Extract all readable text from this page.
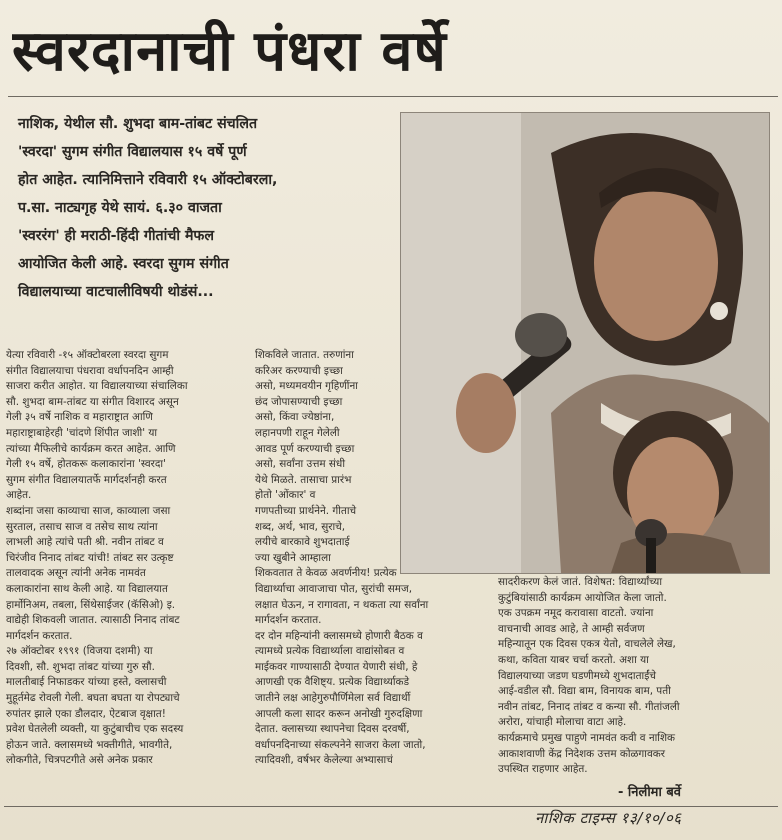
स्वरदानाची पंधरा वर्षे

नाशिक, येथील सौ. शुभदा बाम-तांबट संचलित

'स्वरदा' सुगम संगीत विद्यालयास १५ वर्षे पूर्ण

होत आहेत. त्यानिमित्ताने रविवारी १५ ऑक्टोबरला,

प.सा. नाट्यगृह येथे सायं. ६.३० वाजता

'स्वररंग' ही मराठी-हिंदी गीतांची मैफल

आयोजित केली आहे. स्वरदा सुगम संगीत

विद्यालयाच्या वाटचालीविषयी थोडंसं...

येत्या रविवारी -१५ ऑक्टोबरला स्वरदा सुगम
संगीत विद्यालयाचा पंधरावा वर्धापनदिन आम्ही
साजरा करीत आहोत. या विद्यालयाच्या संचालिका
सौ. शुभदा बाम-तांबट या संगीत विशारद असून
गेली ३५ वर्षे नाशिक व महाराष्ट्रात आणि
महाराष्ट्राबाहेरही 'चांदणे शिंपीत जाशी' या
त्यांच्या मैफिलीचे कार्यक्रम करत आहेत. आणि
गेली १५ वर्षे, होतकरू कलाकारांना 'स्वरदा'
सुगम संगीत विद्यालयातर्फे मार्गदर्शनही करत
आहेत.
शब्दांना जसा काव्याचा साज, काव्याला जसा
सुरताल, तसाच साज व तसेच साथ त्यांना
लाभली आहे त्यांचे पती श्री. नवीन तांबट व
चिरंजीव निनाद तांबट यांची! तांबट सर उत्कृष्ट
तालवादक असून त्यांनी अनेक नामवंत
कलाकारांना साथ केली आहे. या विद्यालयात
हार्मोनिअम, तबला, सिंथेसाईजर (कॅसिओ) इ.
वाद्येही शिकवली जातात. त्यासाठी निनाद तांबट
मार्गदर्शन करतात.
२७ ऑक्टोबर १९९१ (विजया दशमी) या
दिवशी, सौ. शुभदा तांबट यांच्या गुरु सौ.
मालतीबाई निफाडकर यांच्या हस्ते, क्लासची
मुहूर्तमेढ रोवली गेली. बघता बघता या रोपट्याचे
रुपांतर झाले एका डौलदार, ऐटबाज वृक्षात!
प्रवेश घेतलेली व्यक्ती, या कुटुंबाचीच एक सदस्य
होऊन जाते. क्लासमध्ये भक्तीगीते, भावगीते,
लोकगीते, चित्रपटगीते असे अनेक प्रकार

शिकविले जातात. तरुणांना
करिअर करण्याची इच्छा
असो, मध्यमवयीन गृहिणींना
छंद जोपासण्याची इच्छा
असो, किंवा ज्येष्ठांना,
लहानपणी राहून गेलेली
आवड पूर्ण करण्याची इच्छा
असो, सर्वांना उत्तम संधी
येथे मिळते. तासाचा प्रारंभ
होतो 'ओंकार' व
गणपतीच्या प्रार्थनेने. गीताचे
शब्द, अर्थ, भाव, सुराचे,
लयीचे बारकावे शुभदाताई
ज्या खुबीने आम्हाला
शिकवतात ते केवळ अवर्णनीय! प्रत्येक
विद्यार्थ्याचा आवाजाचा पोत, सुरांची समज,
लक्षात घेऊन, न रागावता, न थकता त्या सर्वांना
मार्गदर्शन करतात.
दर दोन महिन्यांनी क्लासमध्ये होणारी बैठक व
त्यामध्ये प्रत्येक विद्यार्थ्याला वाद्यांसोबत व
माईकवर गाण्यासाठी देण्यात येणारी संधी, हे
आणखी एक वैशिष्ट्य. प्रत्येक विद्यार्थ्याकडे
जातीने लक्ष आहेगुरुपौर्णिमेला सर्व विद्यार्थी
आपली कला सादर करून अनोखी गुरुदक्षिणा
देतात. क्लासच्या स्थापनेचा दिवस दरवर्षी,
वर्धापनदिनाच्या संकल्पनेने साजरा केला जातो,
त्यादिवशी, वर्षभर केलेल्या अभ्यासाचं

सादरीकरण केलं जातं. विशेषत: विद्यार्थ्यांच्या
कुटुंबियांसाठी कार्यक्रम आयोजित केला जातो.
एक उपक्रम नमूद करावासा वाटतो. ज्यांना
वाचनाची आवड आहे, ते आम्ही सर्वजण
महिन्यातून एक दिवस एकत्र येतो, वाचलेले लेख,
कथा, कविता याबर चर्चा करतो. अशा या
विद्यालयाच्या जडण घडणीमध्ये शुभदाताईंचे
आई-वडील सौ. विद्या बाम, विनायक बाम, पती
नवीन तांबट, निनाद तांबट व कन्या सौ. गीतांजली
अरोरा, यांचाही मोलाचा वाटा आहे.
कार्यक्रमाचे प्रमुख पाहुणे नामवंत कवी व नाशिक
आकाशवाणी केंद्र निदेशक उत्तम कोळगावकर
उपस्थित राहणार आहेत.

- निलीमा बर्वे
नाशिक टाइम्स १३/१०/०६
